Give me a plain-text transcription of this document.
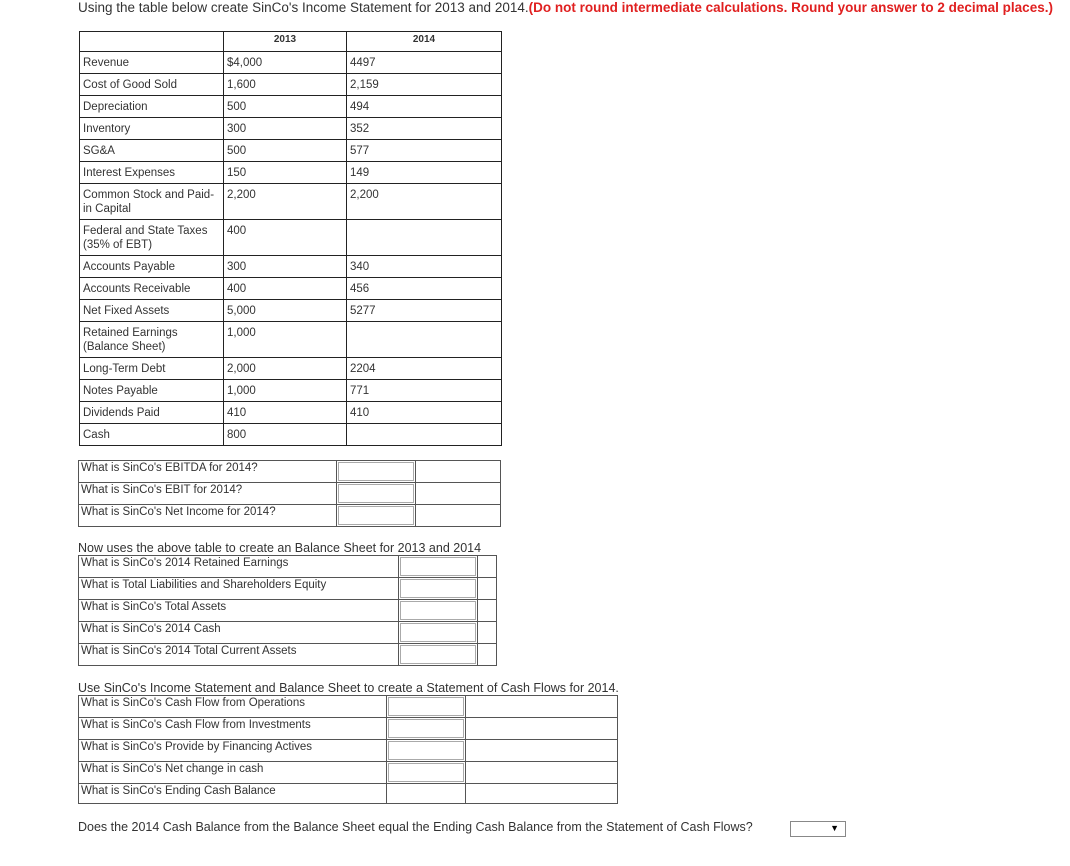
Using the table below create SinCo's Income Statement for 2013 and 2014.(Do not round intermediate calculations. Round your answer to 2 decimal places.)
	2013	2014
Revenue	$4,000	4497
Cost of Good Sold	1,600	2,159
Depreciation	500	494
Inventory	300	352
SG&A	500	577
Interest Expenses	150	149
Common Stock and Paid-in Capital	2,200	2,200
Federal and State Taxes (35% of EBT)	400	
Accounts Payable	300	340
Accounts Receivable	400	456
Net Fixed Assets	5,000	5277
Retained Earnings (Balance Sheet)	1,000	
Long-Term Debt	2,000	2204
Notes Payable	1,000	771
Dividends Paid	410	410
Cash	800	
What is SinCo's EBITDA for 2014?	

What is SinCo's EBIT for 2014?	

What is SinCo's Net Income for 2014?	

Now uses the above table to create an Balance Sheet for 2013 and 2014
What is SinCo's 2014 Retained Earnings	

What is Total Liabilities and Shareholders Equity	

What is SinCo's Total Assets	

What is SinCo's 2014 Cash	

What is SinCo's 2014 Total Current Assets	

Use SinCo's Income Statement and Balance Sheet to create a Statement of Cash Flows for 2014.
What is SinCo's Cash Flow from Operations	

What is SinCo's Cash Flow from Investments	

What is SinCo's Provide by Financing Actives	

What is SinCo's Net change in cash	

What is SinCo's Ending Cash Balance		
Does the 2014 Cash Balance from the Balance Sheet equal the Ending Cash Balance from the Statement of Cash Flows?	▼
